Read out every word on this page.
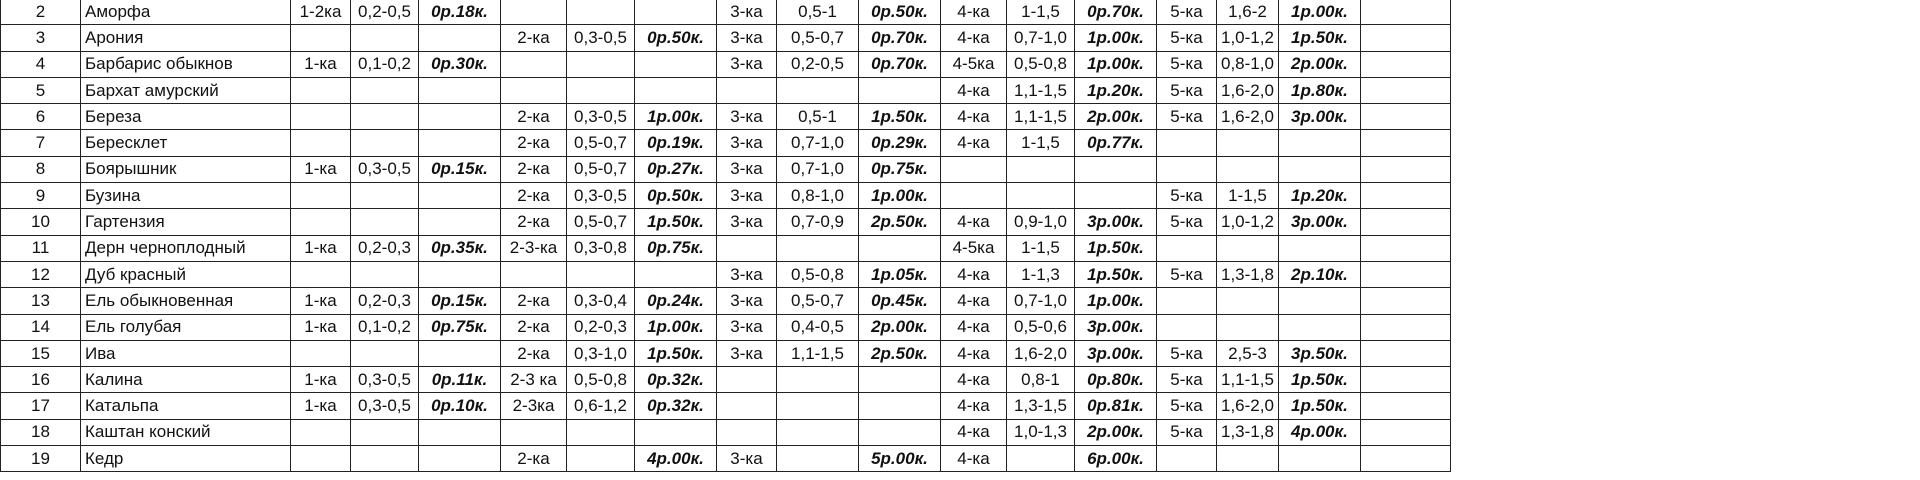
2	Аморфа	1-2ка	0,2-0,5	0р.18к.				3-ка	0,5-1	0р.50к.	4-ка	1-1,5	0р.70к.	5-ка	1,6-2	1р.00к.	
3	Арония				2-ка	0,3-0,5	0р.50к.	3-ка	0,5-0,7	0р.70к.	4-ка	0,7-1,0	1р.00к.	5-ка	1,0-1,2	1р.50к.	
4	Барбарис обыкнов	1-ка	0,1-0,2	0р.30к.				3-ка	0,2-0,5	0р.70к.	4-5ка	0,5-0,8	1р.00к.	5-ка	0,8-1,0	2р.00к.	
5	Бархат амурский										4-ка	1,1-1,5	1р.20к.	5-ка	1,6-2,0	1р.80к.	
6	Береза				2-ка	0,3-0,5	1р.00к.	3-ка	0,5-1	1р.50к.	4-ка	1,1-1,5	2р.00к.	5-ка	1,6-2,0	3р.00к.	
7	Бересклет				2-ка	0,5-0,7	0р.19к.	3-ка	0,7-1,0	0р.29к.	4-ка	1-1,5	0р.77к.				
8	Боярышник	1-ка	0,3-0,5	0р.15к.	2-ка	0,5-0,7	0р.27к.	3-ка	0,7-1,0	0р.75к.							
9	Бузина				2-ка	0,3-0,5	0р.50к.	3-ка	0,8-1,0	1р.00к.				5-ка	1-1,5	1р.20к.	
10	Гартензия				2-ка	0,5-0,7	1р.50к.	3-ка	0,7-0,9	2р.50к.	4-ка	0,9-1,0	3р.00к.	5-ка	1,0-1,2	3р.00к.	
11	Дерн черноплодный	1-ка	0,2-0,3	0р.35к.	2-3-ка	0,3-0,8	0р.75к.				4-5ка	1-1,5	1р.50к.				
12	Дуб красный							3-ка	0,5-0,8	1р.05к.	4-ка	1-1,3	1р.50к.	5-ка	1,3-1,8	2р.10к.	
13	Ель обыкновенная	1-ка	0,2-0,3	0р.15к.	2-ка	0,3-0,4	0р.24к.	3-ка	0,5-0,7	0р.45к.	4-ка	0,7-1,0	1р.00к.				
14	Ель голубая	1-ка	0,1-0,2	0р.75к.	2-ка	0,2-0,3	1р.00к.	3-ка	0,4-0,5	2р.00к.	4-ка	0,5-0,6	3р.00к.				
15	Ива				2-ка	0,3-1,0	1р.50к.	3-ка	1,1-1,5	2р.50к.	4-ка	1,6-2,0	3р.00к.	5-ка	2,5-3	3р.50к.	
16	Калина	1-ка	0,3-0,5	0р.11к.	2-3 ка	0,5-0,8	0р.32к.				4-ка	0,8-1	0р.80к.	5-ка	1,1-1,5	1р.50к.	
17	Катальпа	1-ка	0,3-0,5	0р.10к.	2-3ка	0,6-1,2	0р.32к.				4-ка	1,3-1,5	0р.81к.	5-ка	1,6-2,0	1р.50к.	
18	Каштан конский										4-ка	1,0-1,3	2р.00к.	5-ка	1,3-1,8	4р.00к.	
19	Кедр				2-ка		4р.00к.	3-ка		5р.00к.	4-ка		6р.00к.				
